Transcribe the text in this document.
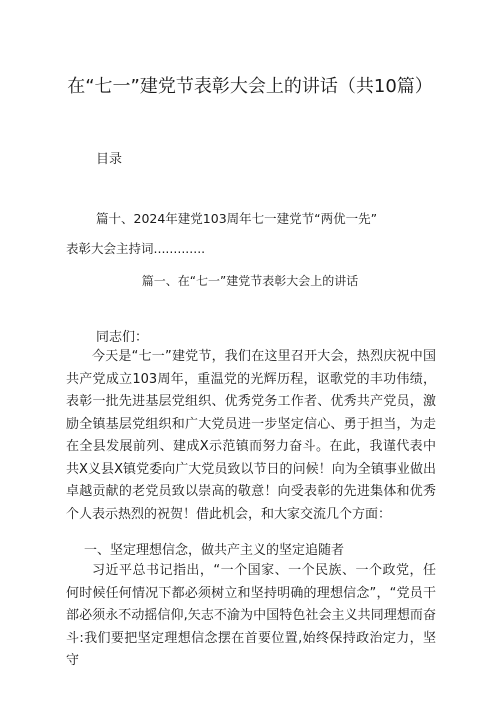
在“七一”建党节表彰大会上的讲话（共10篇）
目录
篇十、2024年建党103周年七一建党节“两优一先”
表彰大会主持词.............
篇一、在“七一”建党节表彰大会上的讲话
同志们：

今天是“七一”建党节，我们在这里召开大会，热烈庆祝中国共产党成立103周年，重温党的光辉历程，讴歌党的丰功伟绩，表彰一批先进基层党组织、优秀党务工作者、优秀共产党员，激励全镇基层党组织和广大党员进一步坚定信心、勇于担当，为走在全县发展前列、建成X示范镇而努力奋斗。在此，我谨代表中共X义县X镇党委向广大党员致以节日的问候！向为全镇事业做出卓越贡献的老党员致以崇高的敬意！向受表彰的先进集体和优秀个人表示热烈的祝贺！借此机会，和大家交流几个方面：

一、坚定理想信念，做共产主义的坚定追随者

习近平总书记指出，“一个国家、一个民族、一个政党，任何时候任何情况下都必须树立和坚持明确的理想信念”，“党员干部必须永不动摇信仰,矢志不渝为中国特色社会主义共同理想而奋斗:我们要把坚定理想信念摆在首要位置,始终保持政治定力，坚守
